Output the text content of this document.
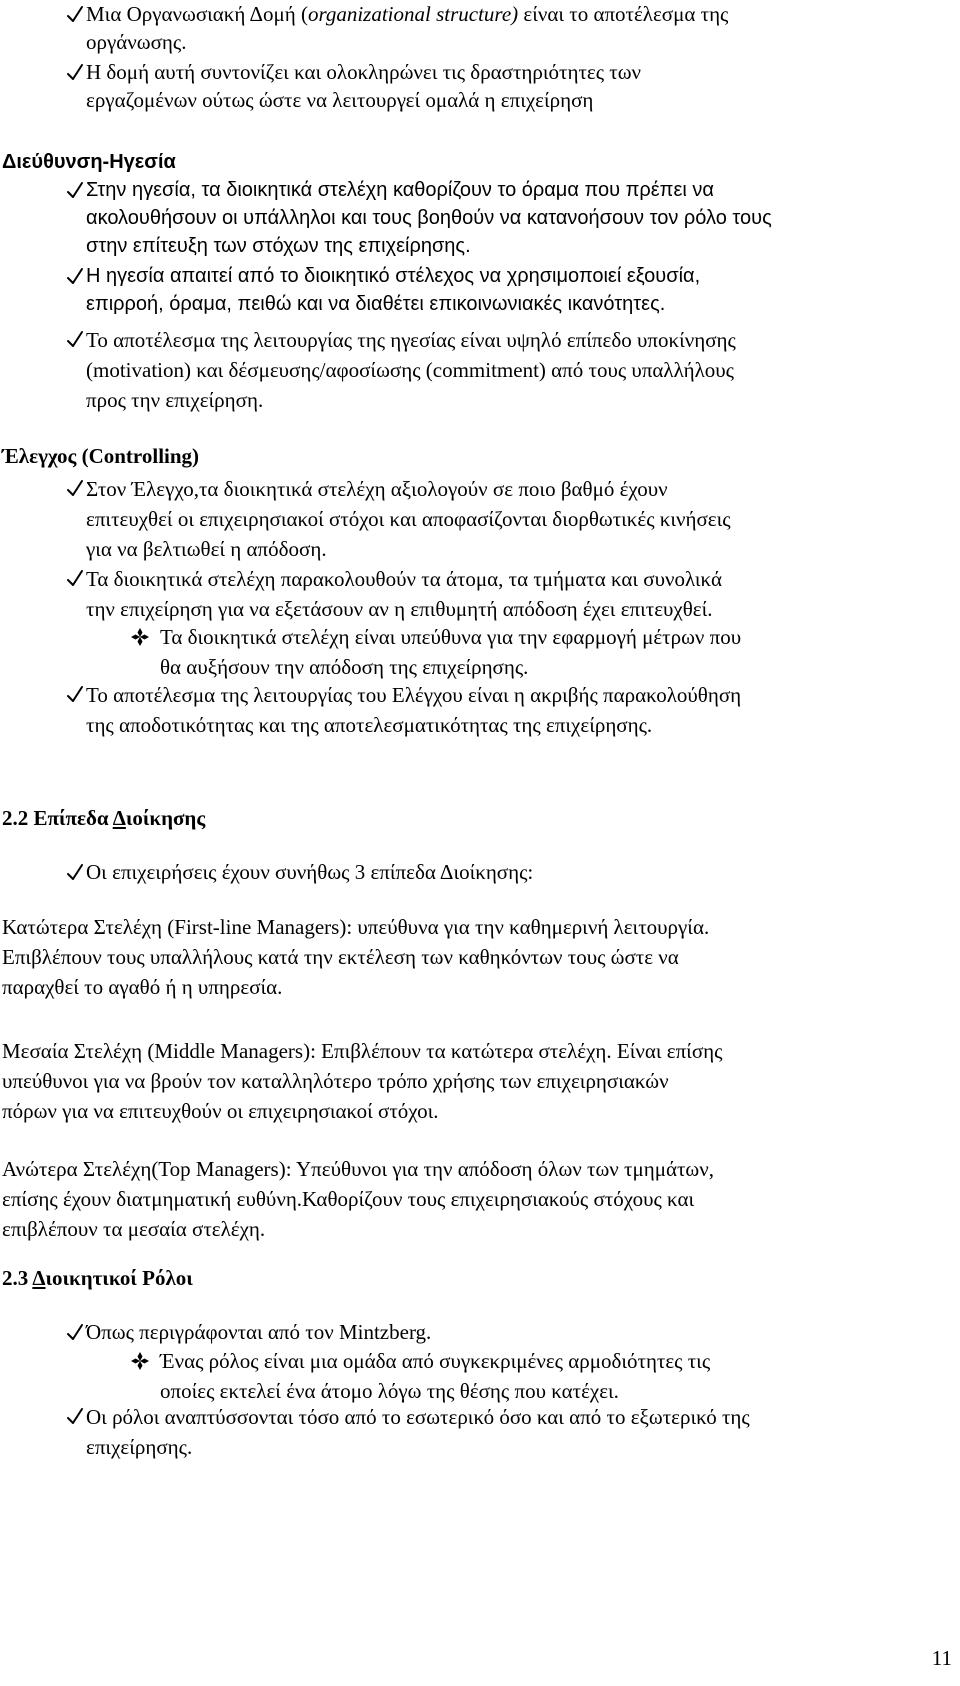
Μια Οργανωσιακή Δομή (organizational structure) είναι το αποτέλεσμα της
οργάνωσης.
Η δομή αυτή συντονίζει και ολοκληρώνει τις δραστηριότητες των
εργαζομένων ούτως ώστε να λειτουργεί ομαλά η επιχείρηση
Διεύθυνση-Ηγεσία
Στην ηγεσία, τα διοικητικά στελέχη καθορίζουν το όραμα που πρέπει να
ακολουθήσουν οι υπάλληλοι και τους βοηθούν να κατανοήσουν τον ρόλο τους
στην επίτευξη των στόχων της επιχείρησης.
Η ηγεσία απαιτεί από το διοικητικό στέλεχος να χρησιμοποιεί εξουσία,
επιρροή, όραμα, πειθώ και να διαθέτει επικοινωνιακές ικανότητες.
Το αποτέλεσμα της λειτουργίας της ηγεσίας είναι υψηλό επίπεδο υποκίνησης
(motivation) και δέσμευσης/αφοσίωσης (commitment) από τους υπαλλήλους
προς την επιχείρηση.
Έλεγχος (Controlling)
Στον Έλεγχο,τα διοικητικά στελέχη αξιολογούν σε ποιο βαθμό έχουν
επιτευχθεί οι επιχειρησιακοί στόχοι και αποφασίζονται διορθωτικές κινήσεις
για να βελτιωθεί η απόδοση.
Τα διοικητικά στελέχη παρακολουθούν τα άτομα, τα τμήματα και συνολικά
την επιχείρηση για να εξετάσουν αν η επιθυμητή απόδοση έχει επιτευχθεί.
Τα διοικητικά στελέχη είναι υπεύθυνα για την εφαρμογή μέτρων που
θα αυξήσουν την απόδοση της επιχείρησης.
Το αποτέλεσμα της λειτουργίας του Ελέγχου είναι η ακριβής παρακολούθηση
της αποδοτικότητας και της αποτελεσματικότητας της επιχείρησης.
2.2 Επίπεδα Διοίκησης
Οι επιχειρήσεις έχουν συνήθως 3 επίπεδα Διοίκησης:
Κατώτερα Στελέχη (First-line Managers): υπεύθυνα για την καθημερινή λειτουργία.
Επιβλέπουν τους υπαλλήλους κατά την εκτέλεση των καθηκόντων τους ώστε να
παραχθεί το αγαθό ή η υπηρεσία.
Μεσαία Στελέχη (Middle Managers): Επιβλέπουν τα κατώτερα στελέχη. Είναι επίσης
υπεύθυνοι για να βρούν τον καταλληλότερο τρόπο χρήσης των επιχειρησιακών
πόρων για να επιτευχθούν οι επιχειρησιακοί στόχοι.
Ανώτερα Στελέχη(Top Managers): Υπεύθυνοι για την απόδοση όλων των τμημάτων,
επίσης έχουν διατμηματική ευθύνη.Καθορίζουν τους επιχειρησιακούς στόχους και
επιβλέπουν τα μεσαία στελέχη.
2.3 Διοικητικοί Ρόλοι
Όπως περιγράφονται από τον Mintzberg.
Ένας ρόλος είναι μια ομάδα από συγκεκριμένες αρμοδιότητες τις
οποίες εκτελεί ένα άτομο λόγω της θέσης που κατέχει.
Οι ρόλοι αναπτύσσονται τόσο από το εσωτερικό όσο και από το εξωτερικό της
επιχείρησης.
11
